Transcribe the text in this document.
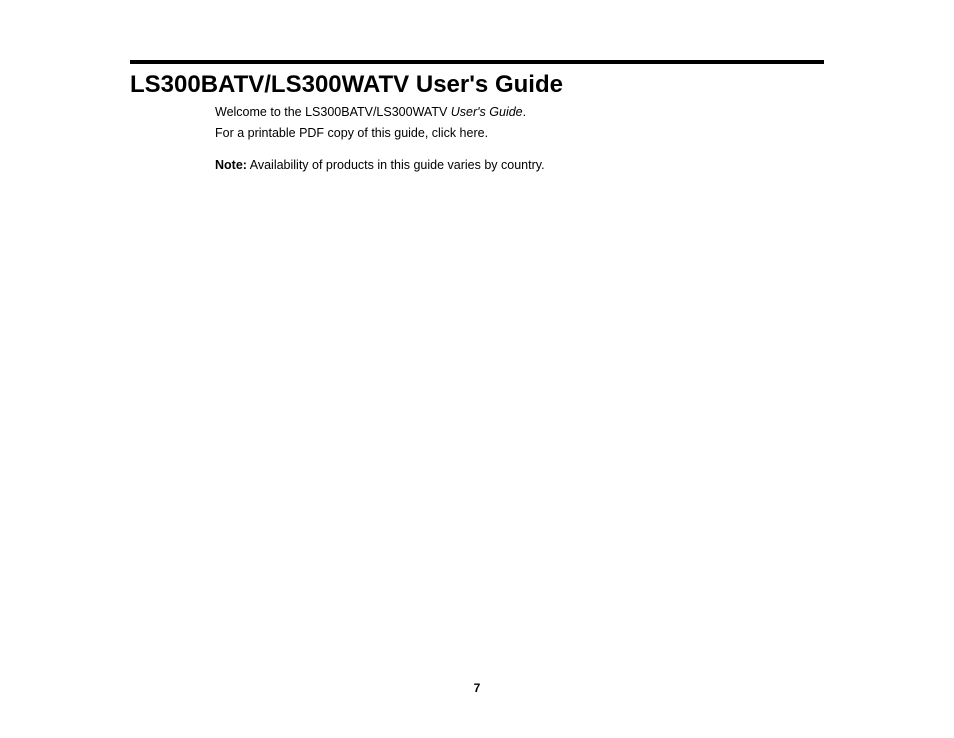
LS300BATV/LS300WATV User's Guide

Welcome to the LS300BATV/LS300WATV User's Guide.

For a printable PDF copy of this guide, click here.

Note: Availability of products in this guide varies by country.

7
